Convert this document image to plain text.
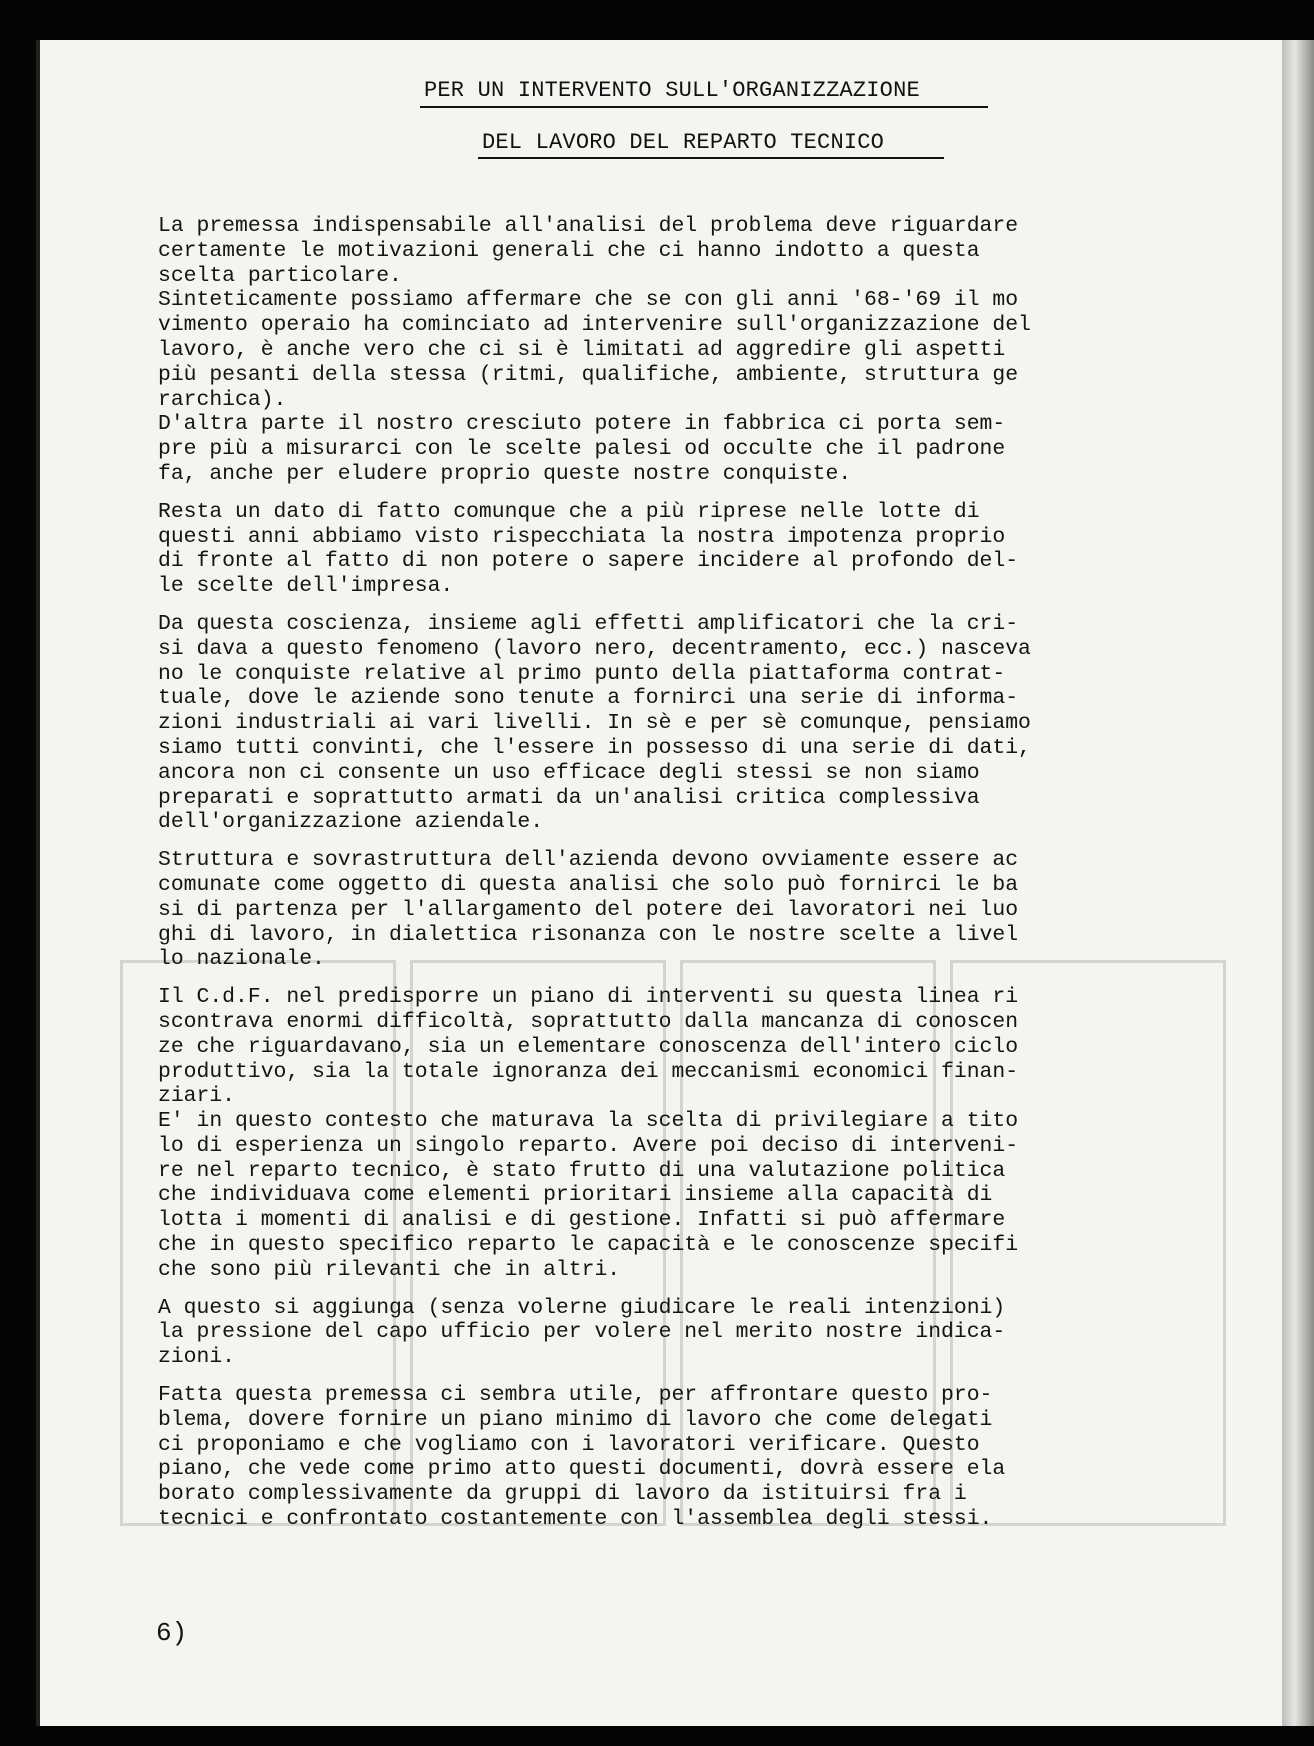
PER UN INTERVENTO SULL'ORGANIZZAZIONE
DEL LAVORO DEL REPARTO TECNICO

La premessa indispensabile all'analisi del problema deve riguardare
certamente le motivazioni generali che ci hanno indotto a questa
scelta particolare.

Sinteticamente possiamo affermare che se con gli anni '68-'69 il mo
vimento operaio ha cominciato ad intervenire sull'organizzazione del
lavoro, è anche vero che ci si è limitati ad aggredire gli aspetti
più pesanti della stessa (ritmi, qualifiche, ambiente, struttura ge
rarchica).

D'altra parte il nostro cresciuto potere in fabbrica ci porta sem-
pre più a misurarci con le scelte palesi od occulte che il padrone
fa, anche per eludere proprio queste nostre conquiste.

Resta un dato di fatto comunque che a più riprese nelle lotte di
questi anni abbiamo visto rispecchiata la nostra impotenza proprio
di fronte al fatto di non potere o sapere incidere al profondo del-
le scelte dell'impresa.

Da questa coscienza, insieme agli effetti amplificatori che la cri-
si dava a questo fenomeno (lavoro nero, decentramento, ecc.) nasceva
no le conquiste relative al primo punto della piattaforma contrat-
tuale, dove le aziende sono tenute a fornirci una serie di informa-
zioni industriali ai vari livelli. In sè e per sè comunque, pensiamo
siamo tutti convinti, che l'essere in possesso di una serie di dati,
ancora non ci consente un uso efficace degli stessi se non siamo
preparati e soprattutto armati da un'analisi critica complessiva
dell'organizzazione aziendale.

Struttura e sovrastruttura dell'azienda devono ovviamente essere ac
comunate come oggetto di questa analisi che solo può fornirci le ba
si di partenza per l'allargamento del potere dei lavoratori nei luo
ghi di lavoro, in dialettica risonanza con le nostre scelte a livel
lo nazionale.

Il C.d.F. nel predisporre un piano di interventi su questa linea ri
scontrava enormi difficoltà, soprattutto dalla mancanza di conoscen
ze che riguardavano, sia un elementare conoscenza dell'intero ciclo
produttivo, sia la totale ignoranza dei meccanismi economici finan-
ziari.

E' in questo contesto che maturava la scelta di privilegiare a tito
lo di esperienza un singolo reparto. Avere poi deciso di interveni-
re nel reparto tecnico, è stato frutto di una valutazione politica
che individuava come elementi prioritari insieme alla capacità di
lotta i momenti di analisi e di gestione. Infatti si può affermare
che in questo specifico reparto le capacità e le conoscenze specifi
che sono più rilevanti che in altri.

A questo si aggiunga (senza volerne giudicare le reali intenzioni)
la pressione del capo ufficio per volere nel merito nostre indica-
zioni.

Fatta questa premessa ci sembra utile, per affrontare questo pro-
blema, dovere fornire un piano minimo di lavoro che come delegati
ci proponiamo e che vogliamo con i lavoratori verificare. Questo
piano, che vede come primo atto questi documenti, dovrà essere ela
borato complessivamente da gruppi di lavoro da istituirsi fra i
tecnici e confrontato costantemente con l'assemblea degli stessi.

6)
